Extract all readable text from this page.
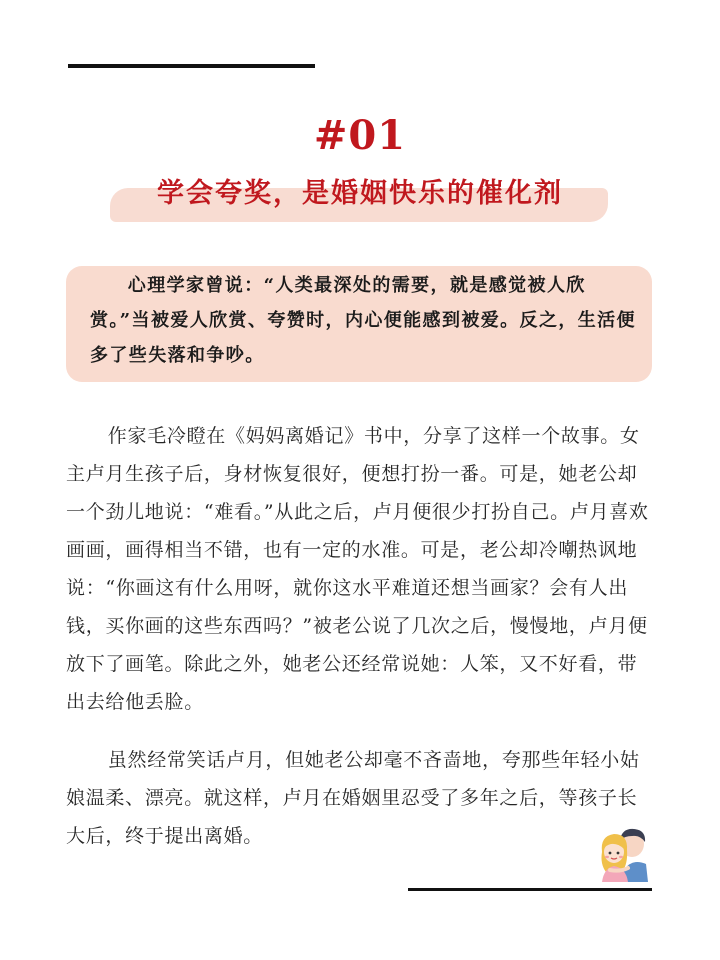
#01
学会夸奖，是婚姻快乐的催化剂

心理学家曾说：“人类最深处的需要，就是感觉被人欣赏。”当被爱人欣赏、夸赞时，内心便能感到被爱。反之，生活便多了些失落和争吵。

作家毛冷瞪在《妈妈离婚记》书中，分享了这样一个故事。女主卢月生孩子后，身材恢复很好，便想打扮一番。可是，她老公却一个劲儿地说：“难看。”从此之后，卢月便很少打扮自己。卢月喜欢画画，画得相当不错，也有一定的水准。可是，老公却冷嘲热讽地说：“你画这有什么用呀，就你这水平难道还想当画家？会有人出钱，买你画的这些东西吗？”被老公说了几次之后，慢慢地，卢月便放下了画笔。除此之外，她老公还经常说她：人笨，又不好看，带出去给他丢脸。

虽然经常笑话卢月，但她老公却毫不吝啬地，夸那些年轻小姑娘温柔、漂亮。就这样，卢月在婚姻里忍受了多年之后，等孩子长大后，终于提出离婚。
